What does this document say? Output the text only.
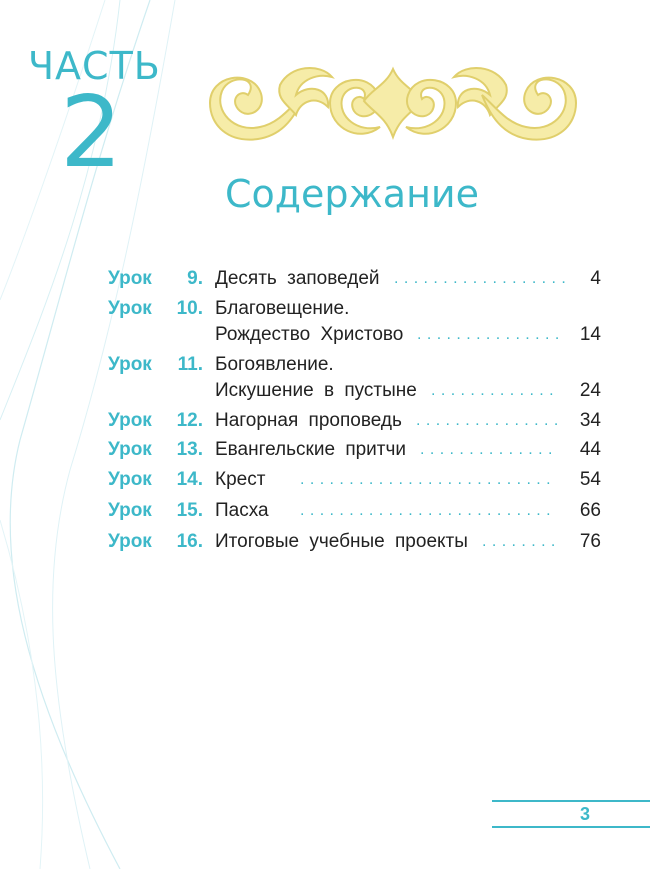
ЧАСТЬ
2
Содержание
Урок	9. Десять заповедей ..................	4
Урок	10. Благовещение.
Рождество Христово ............... 14
Урок	11. Богоявление.
Искушение в пустыне .............	24
Урок	12. Нагорная проповедь ............... 34
Урок	13. Евангельские притчи ..............	44
Урок	14. Крест ..........................	54
Урок	15. Пасха ..........................	66
Урок	16. Итоговые учебные проекты ........	76
3
